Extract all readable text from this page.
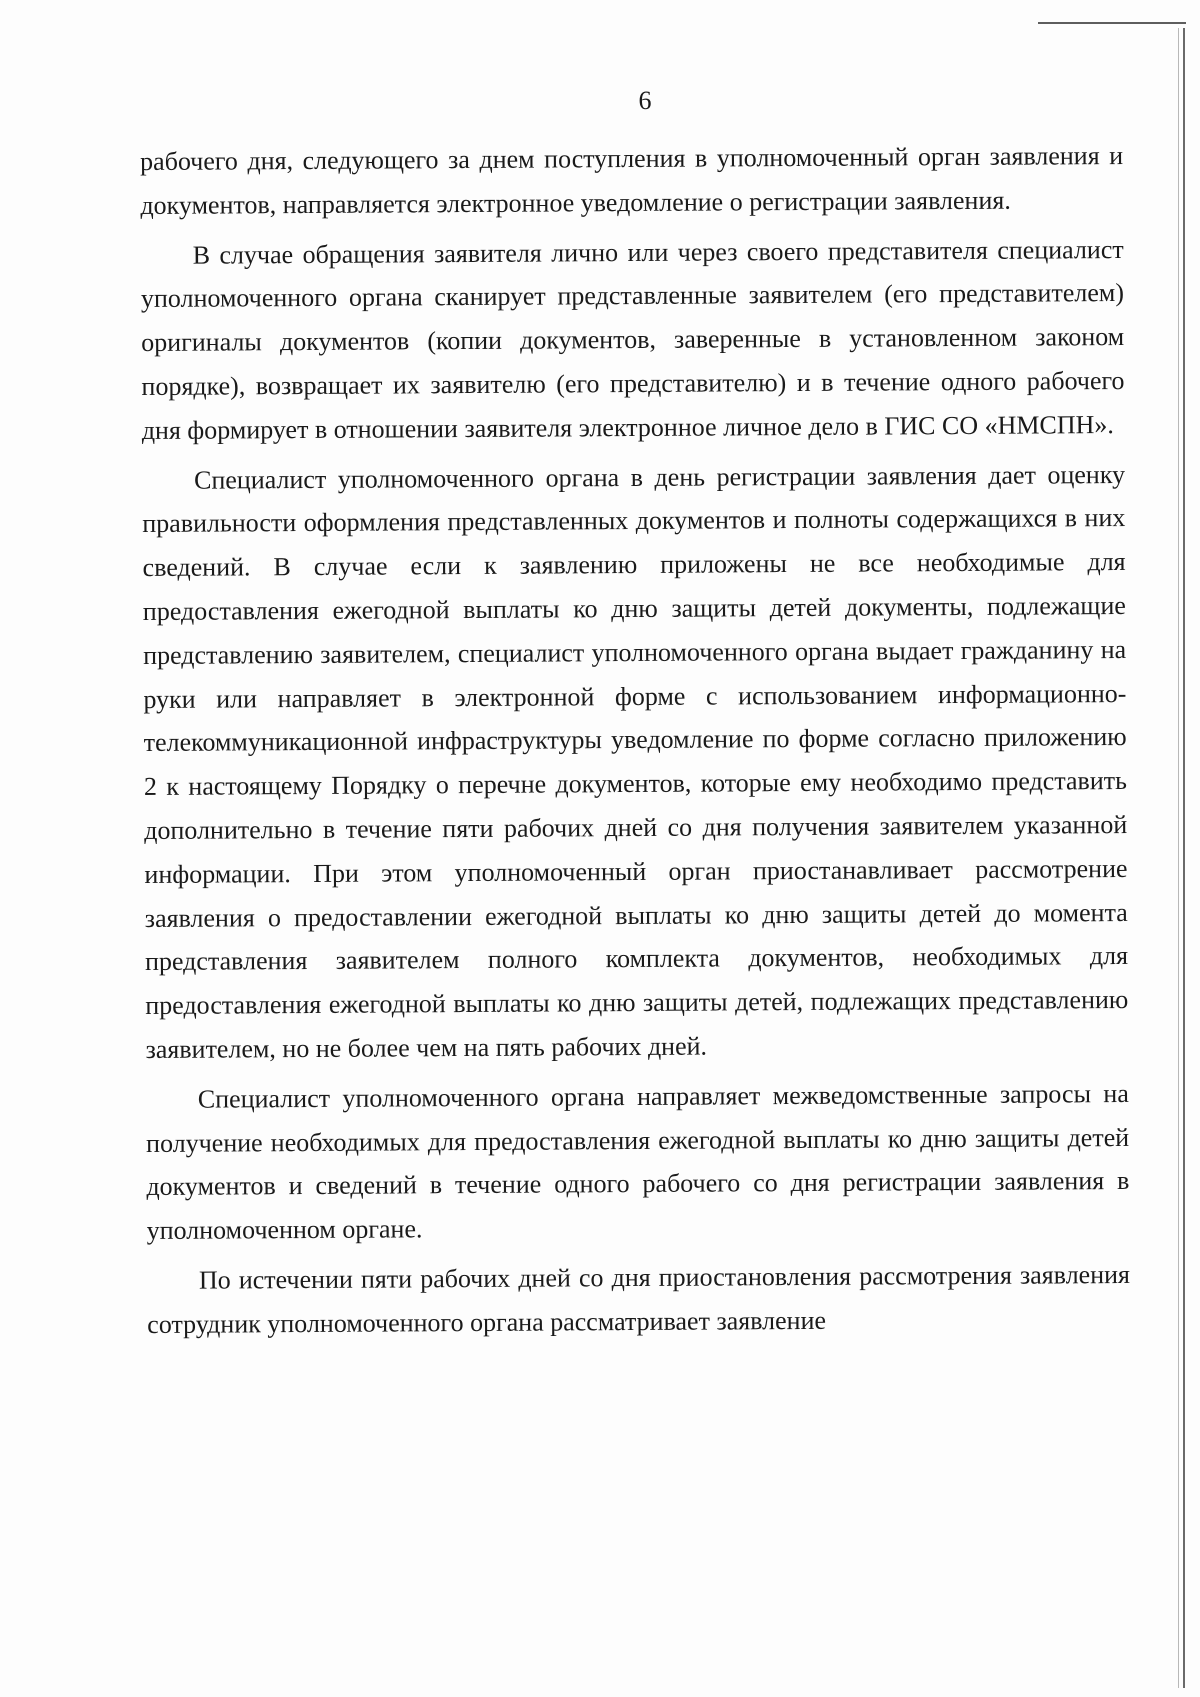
6

рабочего дня, следующего за днем поступления в уполномоченный орган заявления и документов, направляется электронное уведомление о регистрации заявления.

В случае обращения заявителя лично или через своего представителя специалист уполномоченного органа сканирует представленные заявителем (его представителем) оригиналы документов (копии документов, заверенные в установленном законом порядке), возвращает их заявителю (его представителю) и в течение одного рабочего дня формирует в отношении заявителя электронное личное дело в ГИС СО «НМСПН».

Специалист уполномоченного органа в день регистрации заявления дает оценку правильности оформления представленных документов и полноты содержащихся в них сведений. В случае если к заявлению приложены не все необходимые для предоставления ежегодной выплаты ко дню защиты детей документы, подлежащие представлению заявителем, специалист уполномоченного органа выдает гражданину на руки или направляет в электронной форме с использованием информационно-телекоммуникационной инфраструктуры уведомление по форме согласно приложению 2 к настоящему Порядку о перечне документов, которые ему необходимо представить дополнительно в течение пяти рабочих дней со дня получения заявителем указанной информации. При этом уполномоченный орган приостанавливает рассмотрение заявления о предоставлении ежегодной выплаты ко дню защиты детей до момента представления заявителем полного комплекта документов, необходимых для предоставления ежегодной выплаты ко дню защиты детей, подлежащих представлению заявителем, но не более чем на пять рабочих дней.

Специалист уполномоченного органа направляет межведомственные запросы на получение необходимых для предоставления ежегодной выплаты ко дню защиты детей документов и сведений в течение одного рабочего со дня регистрации заявления в уполномоченном органе.

По истечении пяти рабочих дней со дня приостановления рассмотрения заявления сотрудник уполномоченного органа рассматривает заявление
